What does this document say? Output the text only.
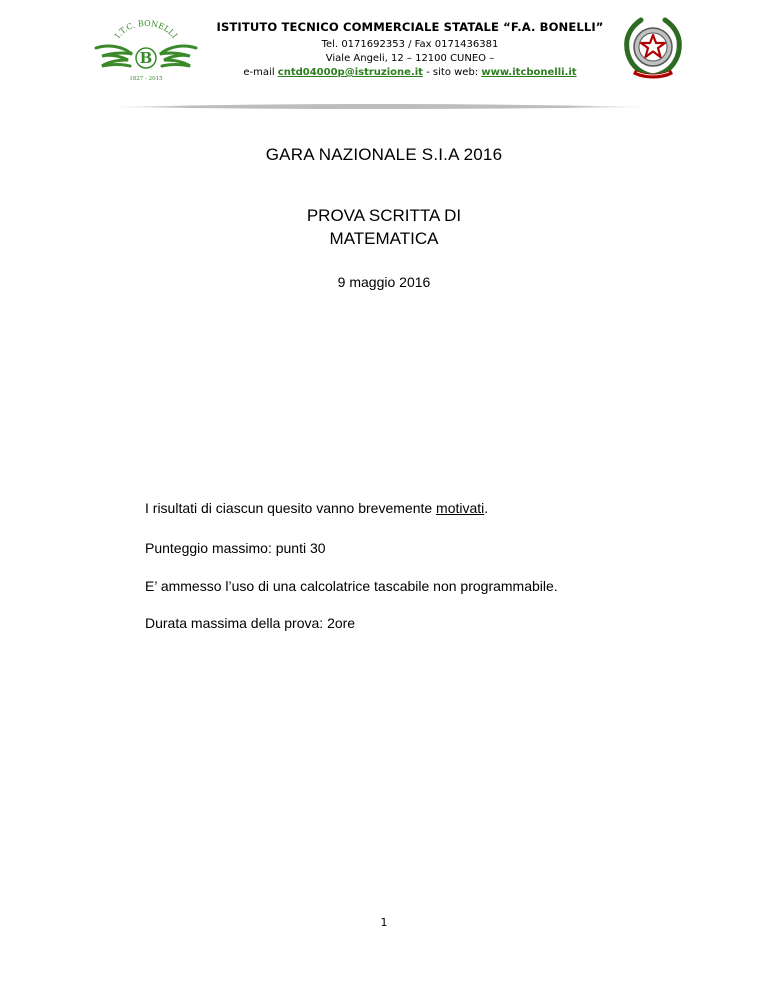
I.T.C. BONELLI
B
1827 - 2015
ISTITUTO TECNICO COMMERCIALE STATALE “F.A. BONELLI”
Tel. 0171692353 / Fax 0171436381
Viale Angeli, 12 – 12100 CUNEO –
e-mail cntd04000p@istruzione.it - sito web: www.itcbonelli.it
GARA NAZIONALE S.I.A 2016
PROVA SCRITTA DI
MATEMATICA
9 maggio 2016
I risultati di ciascun quesito vanno brevemente motivati.
Punteggio massimo: punti 30
E’ ammesso l’uso di una calcolatrice tascabile non programmabile.
Durata massima della prova: 2ore
1
